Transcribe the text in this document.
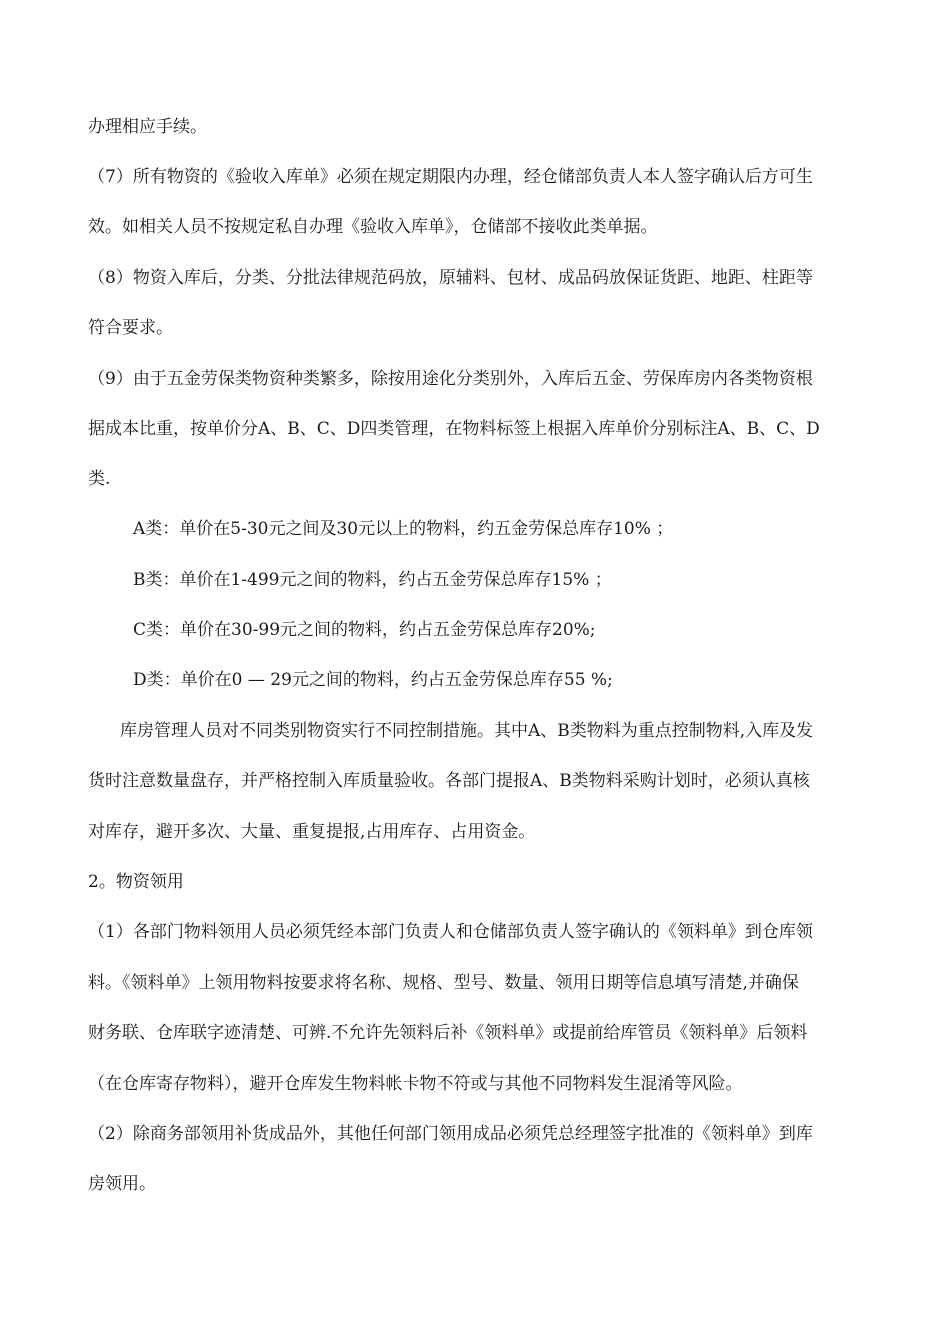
办理相应手续。
（7）所有物资的《验收入库单》必须在规定期限内办理，经仓储部负责人本人签字确认后方可生
效。如相关人员不按规定私自办理《验收入库单》，仓储部不接收此类单据。
（8）物资入库后，分类、分批法律规范码放，原辅料、包材、成品码放保证货距、地距、柱距等
符合要求。
（9）由于五金劳保类物资种类繁多，除按用途化分类别外，入库后五金、劳保库房内各类物资根
据成本比重，按单价分A、B、C、D四类管理，在物料标签上根据入库单价分别标注A、B、C、D
类.
A类：单价在5-30元之间及30元以上的物料，约五金劳保总库存10% ；
B类：单价在1-499元之间的物料，约占五金劳保总库存15% ；
C类：单价在30-99元之间的物料，约占五金劳保总库存20%;
D类：单价在0 — 29元之间的物料，约占五金劳保总库存55 %;
库房管理人员对不同类别物资实行不同控制措施。其中A、B类物料为重点控制物料,入库及发
货时注意数量盘存，并严格控制入库质量验收。各部门提报A、B类物料采购计划时，必须认真核
对库存，避开多次、大量、重复提报,占用库存、占用资金。
2。物资领用
（1）各部门物料领用人员必须凭经本部门负责人和仓储部负责人签字确认的《领料单》到仓库领
料。《领料单》上领用物料按要求将名称、规格、型号、数量、领用日期等信息填写清楚,并确保
财务联、仓库联字迹清楚、可辨.不允许先领料后补《领料单》或提前给库管员《领料单》后领料
（在仓库寄存物料），避开仓库发生物料帐卡物不符或与其他不同物料发生混淆等风险。
（2）除商务部领用补货成品外，其他任何部门领用成品必须凭总经理签字批准的《领料单》到库
房领用。
